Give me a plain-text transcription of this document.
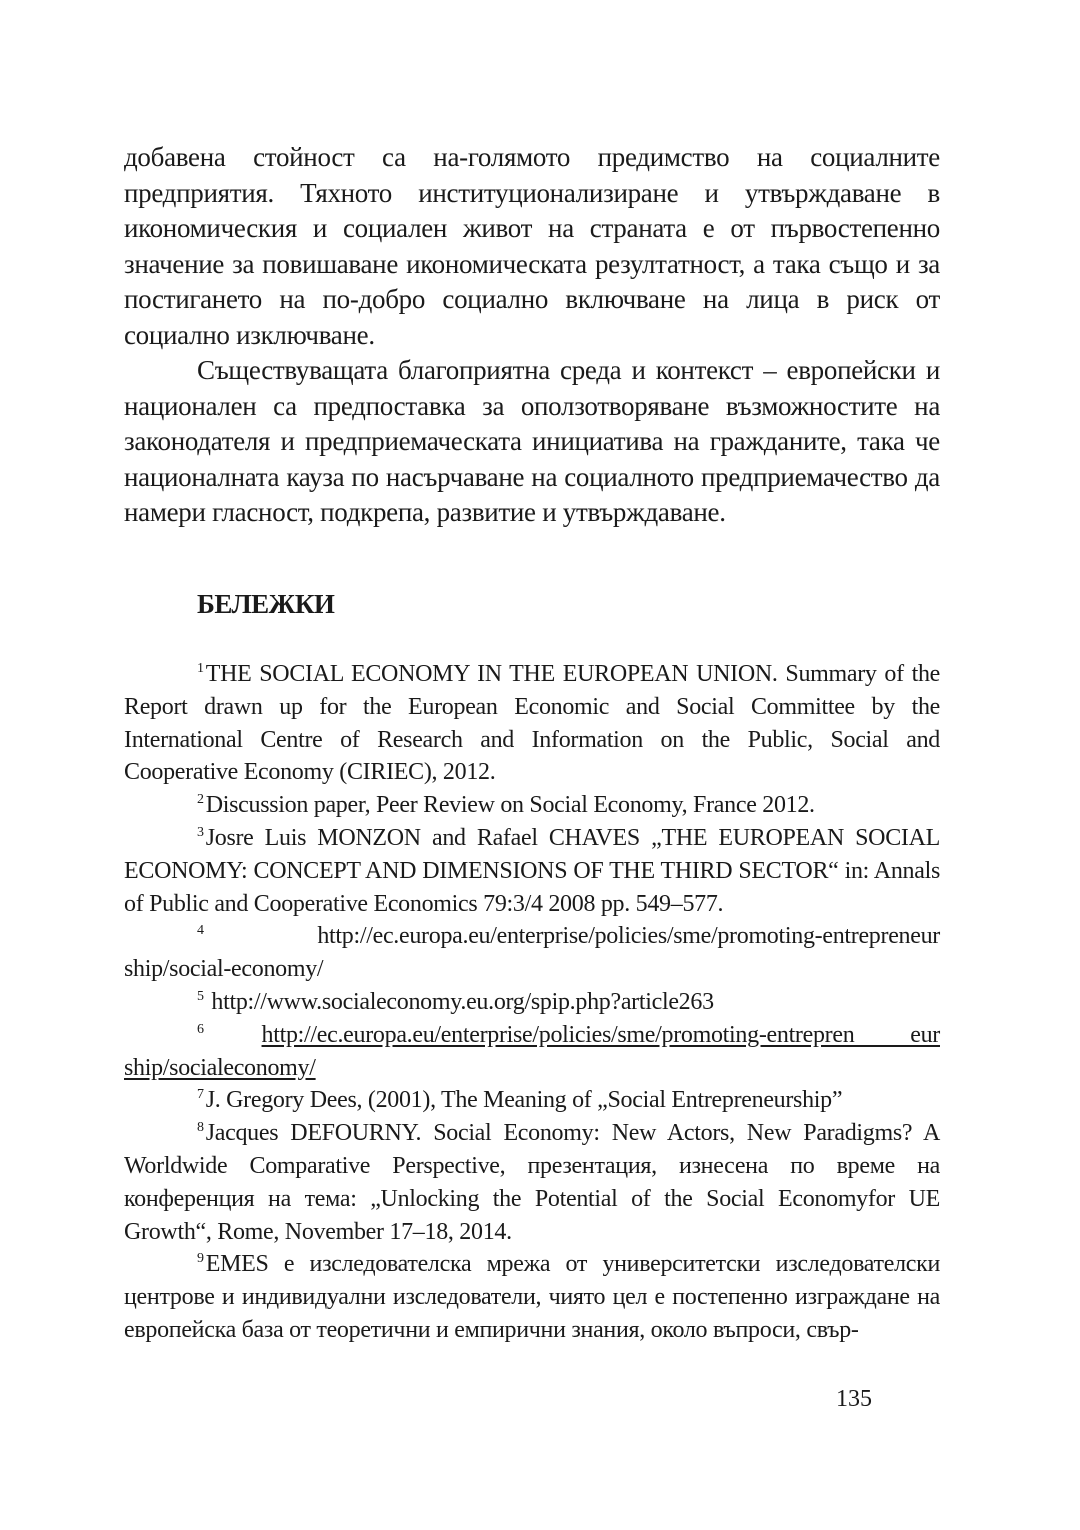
добавена стойност са на-голямото предимство на социалните предприятия. Тяхното институционализиране и утвърждаване в икономическия и социален живот на страната е от първостепенно значение за повишаване икономическата резултатност, а така също и за постигането на по-добро социално включване на лица в риск от социално изключване.

Съществуващата благоприятна среда и контекст – европейски и национален са предпоставка за оползотворяване възможностите на законодателя и предприемаческата инициатива на гражданите, така че националната кауза по насърчаване на социалното предприемачество да намери гласност, подкрепа, развитие и утвърждаване.

БЕЛЕЖКИ

$^1$THE SOCIAL ECONOMY IN THE EUROPEAN UNION. Summary of the Report drawn up for the European Economic and Social Committee by the International Centre of Research and Information on the Public, Social and Cooperative Economy (CIRIEC), 2012.

$^2$Discussion paper, Peer Review on Social Economy, France 2012.

$^3$Josre Luis MONZON and Rafael CHAVES „THE EUROPEAN SOCIAL ECONOMY: CONCEPT AND DIMENSIONS OF THE THIRD SECTOR“ in: Annals of Public and Cooperative Economics 79:3/4 2008 pp. 549–577.

$^4$	http://ec.europa.eu/enterprise/policies/sme/promoting-entrepreneur ship/social-economy/

$^5$ http://www.socialeconomy.eu.org/spip.php?article263

$^6$ http://ec.europa.eu/enterprise/policies/sme/promoting-entrepren eur ship/socialeconomy/

$^7$J. Gregory Dees, (2001), The Meaning of „Social Entrepreneurship”

$^8$Jacques DEFOURNY. Social Economy: New Actors, New Paradigms? A Worldwide Comparative Perspective, презентация, изнесена по време на конференция на тема: „Unlocking the Potential of the Social Economyfor UE Growth“, Rome, November 17–18, 2014.

$^9$EMES е изследователска мрежа от университетски изследователски центрове и индивидуални изследователи, чиято цел е постепенно изграждане на европейска база от теоретични и емпирични знания, около въпроси, свър-

135
